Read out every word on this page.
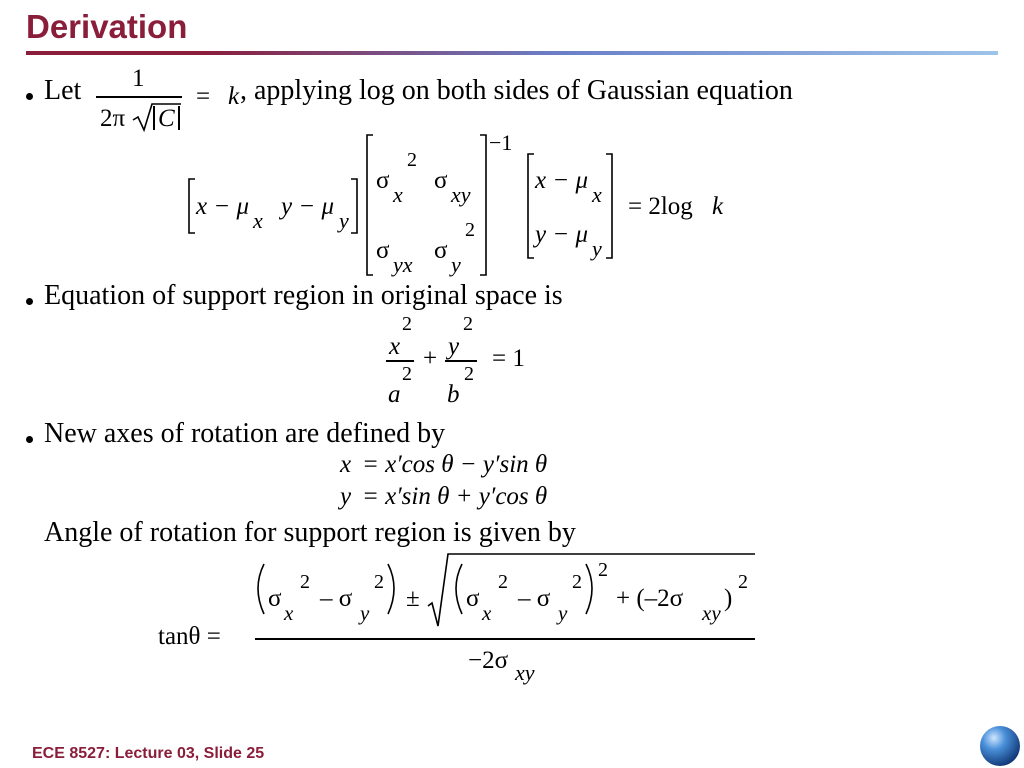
Derivation
Let 1
2π C
= k , applying log on both sides of Gaussian equation
x − μ
x
y − μ
y
σ
x
2
σ
xy
σ
yx
σ
y
2
−1
x − μ
x
y − μ
y
= 2log k
Equation of support region in original space is
x
2
a
2
+ y
2
b
2
= 1
New axes of rotation are defined by
x = x′cos θ − y′sin θ
y = x′sin θ + y′cos θ
Angle of rotation for support region is given by
tanθ =
σ
x
2
– σ
y
2
± σ
x
2
– σ
y
2
2
+ (–2σ
xy
)
2
−2σ xy
ECE 8527: Lecture 03, Slide 25
